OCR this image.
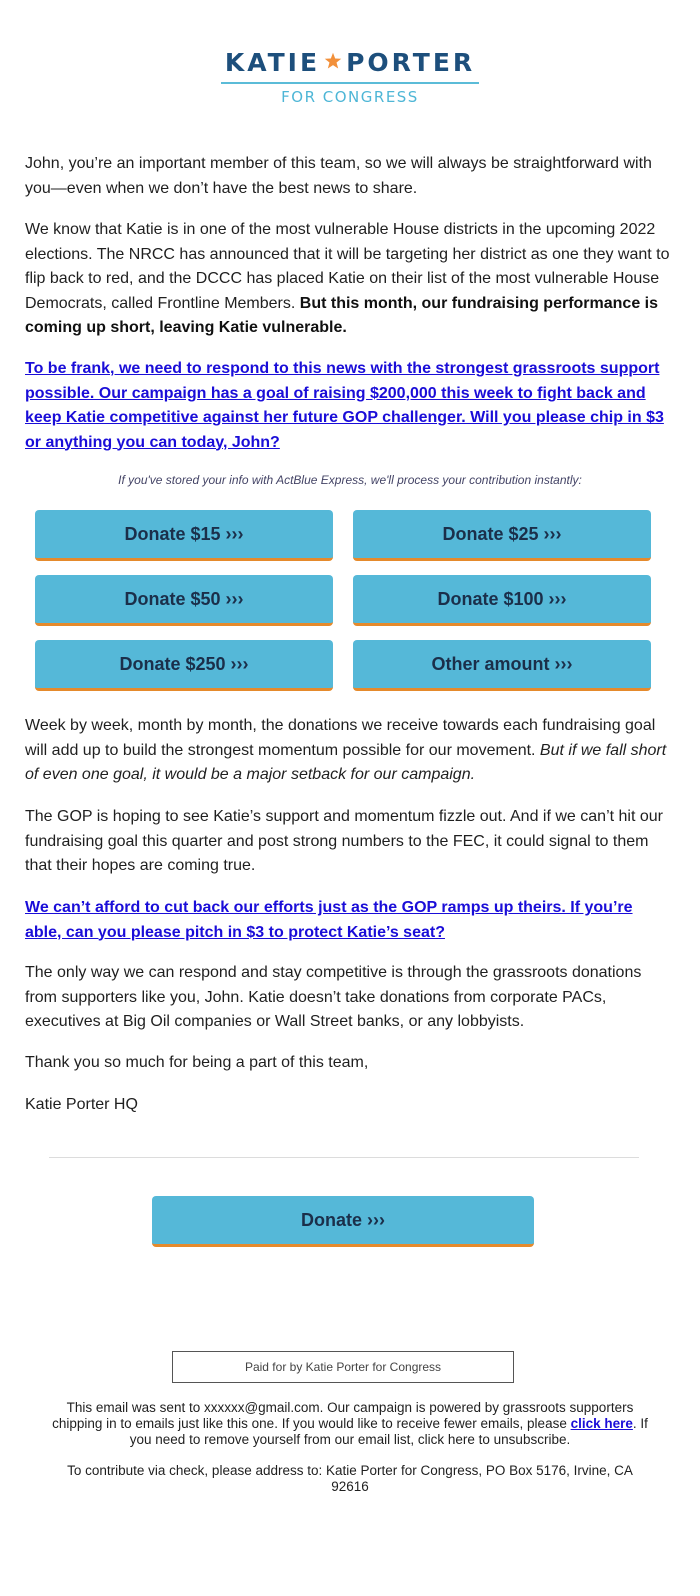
KATIE PORTER
FOR CONGRESS

John, you’re an important member of this team, so we will always be straightforward with you—even when we don’t have the best news to share.

We know that Katie is in one of the most vulnerable House districts in the upcoming 2022 elections. The NRCC has announced that it will be targeting her district as one they want to flip back to red, and the DCCC has placed Katie on their list of the most vulnerable House Democrats, called Frontline Members. But this month, our fundraising performance is coming up short, leaving Katie vulnerable.

To be frank, we need to respond to this news with the strongest grassroots support possible. Our campaign has a goal of raising $200,000 this week to fight back and keep Katie competitive against her future GOP challenger. Will you please chip in $3 or anything you can today, John?

If you've stored your info with ActBlue Express, we'll process your contribution instantly:

Donate $15 ›››	Donate $25 ›››
Donate $50 ›››	Donate $100 ›››
Donate $250 ›››	Other amount ›››

Week by week, month by month, the donations we receive towards each fundraising goal will add up to build the strongest momentum possible for our movement. But if we fall short of even one goal, it would be a major setback for our campaign.

The GOP is hoping to see Katie’s support and momentum fizzle out. And if we can’t hit our fundraising goal this quarter and post strong numbers to the FEC, it could signal to them that their hopes are coming true.

We can’t afford to cut back our efforts just as the GOP ramps up theirs. If you’re able, can you please pitch in $3 to protect Katie’s seat?

The only way we can respond and stay competitive is through the grassroots donations from supporters like you, John. Katie doesn’t take donations from corporate PACs, executives at Big Oil companies or Wall Street banks, or any lobbyists.

Thank you so much for being a part of this team,

Katie Porter HQ

Donate ›››
Paid for by Katie Porter for Congress

This email was sent to xxxxxx@gmail.com. Our campaign is powered by grassroots supporters chipping in to emails just like this one. If you would like to receive fewer emails, please click here. If you need to remove yourself from our email list, click here to unsubscribe.

To contribute via check, please address to: Katie Porter for Congress, PO Box 5176, Irvine, CA 92616
